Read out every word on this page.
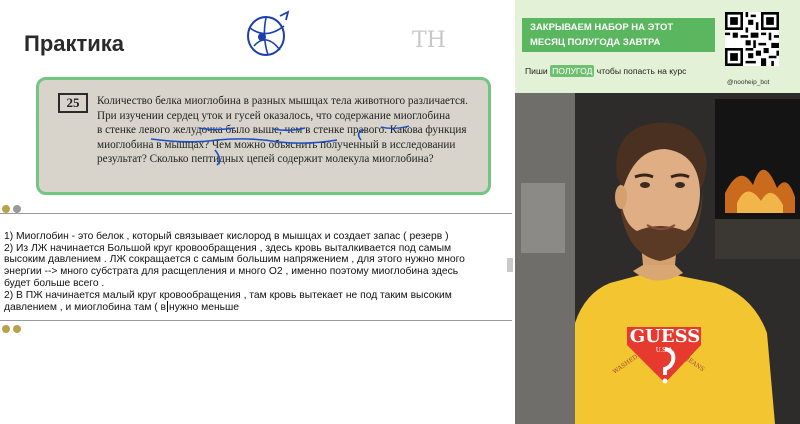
Практика	TH
25	Количество белка миоглобина в разных мышцах тела животного различается.
При изучении сердец уток и гусей оказалось, что содержание миоглобина
в стенке левого желудочка было выше, чем в стенке правого. Какова функция
миоглобина в мышцах? Чем можно объяснить полученный в исследовании
результат? Сколько пептидных цепей содержит молекула миоглобина?
1) Миоглобин - это белок , который связывает кислород в мышцах и создает запас ( резерв )
2) Из ЛЖ начинается Большой круг кровообращения , здесь кровь выталкивается под самым
высоким давлением . ЛЖ сокращается с самым большим напряжением , для этого нужно много
энергии --> много субстрата для расщепления и много О2 , именно поэтому миоглобина здесь
будет больше всего .
2) В ПЖ начинается малый круг кровообращения , там кровь вытекает не под таким высоким
давлением , и миоглобина там ( в нужно меньше
GUESS
U.S.A.
WASHED	JEANS
ЗАКРЫВАЕМ НАБОР НА ЭТОТ
МЕСЯЦ ПОЛУГОДА ЗАВТРА
Пиши ПОЛУГОД чтобы попасть на курс
@nooheip_bot
